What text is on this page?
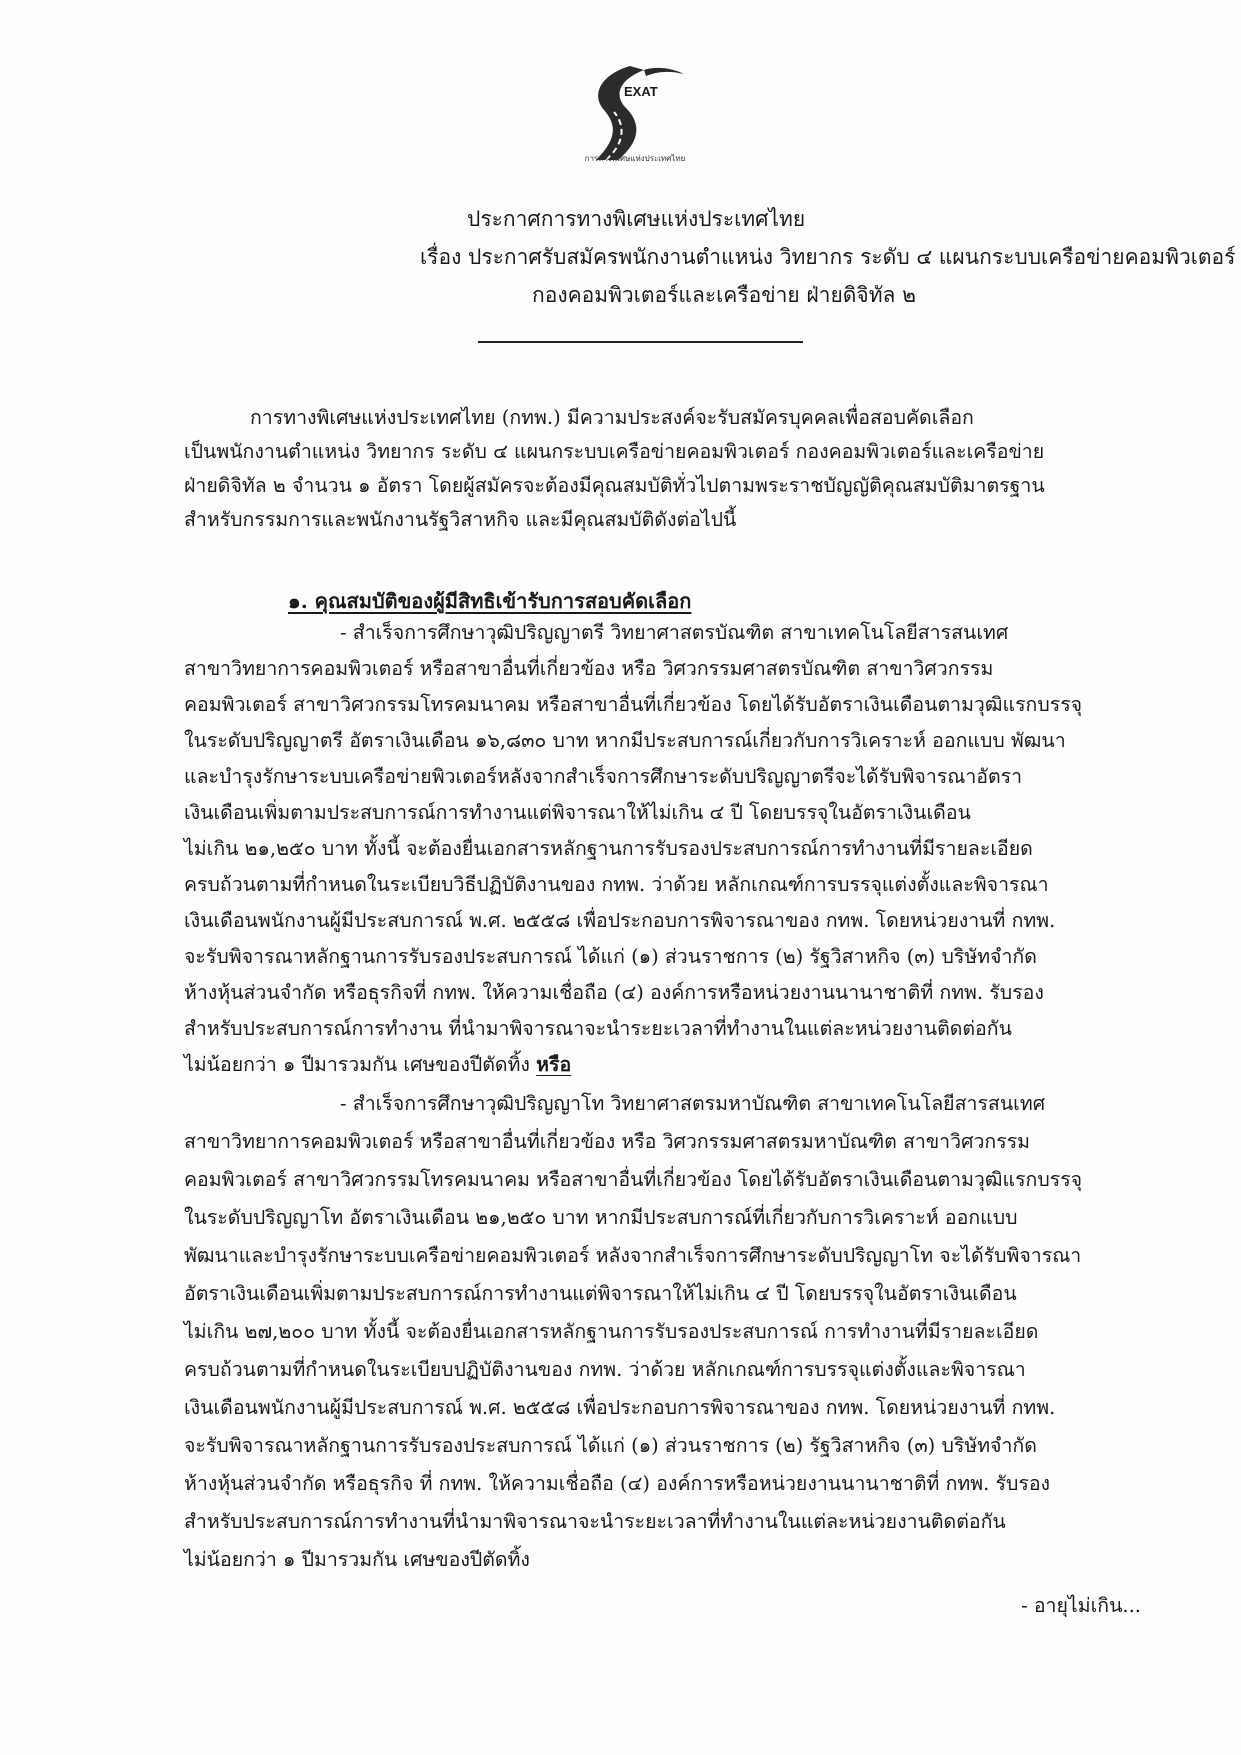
EXAT
การทางพิเศษแห่งประเทศไทย
ประกาศการทางพิเศษแห่งประเทศไทย
เรื่อง ประกาศรับสมัครพนักงานตำแหน่ง วิทยากร ระดับ ๔ แผนกระบบเครือข่ายคอมพิวเตอร์
กองคอมพิวเตอร์และเครือข่าย ฝ่ายดิจิทัล ๒
การทางพิเศษแห่งประเทศไทย (กทพ.) มีความประสงค์จะรับสมัครบุคคลเพื่อสอบคัดเลือก
เป็นพนักงานตำแหน่ง วิทยากร ระดับ ๔ แผนกระบบเครือข่ายคอมพิวเตอร์ กองคอมพิวเตอร์และเครือข่าย
ฝ่ายดิจิทัล ๒ จำนวน ๑ อัตรา โดยผู้สมัครจะต้องมีคุณสมบัติทั่วไปตามพระราชบัญญัติคุณสมบัติมาตรฐาน
สำหรับกรรมการและพนักงานรัฐวิสาหกิจ และมีคุณสมบัติดังต่อไปนี้
๑. คุณสมบัติของผู้มีสิทธิเข้ารับการสอบคัดเลือก
- สำเร็จการศึกษาวุฒิปริญญาตรี วิทยาศาสตรบัณฑิต สาขาเทคโนโลยีสารสนเทศ
สาขาวิทยาการคอมพิวเตอร์ หรือสาขาอื่นที่เกี่ยวข้อง หรือ วิศวกรรมศาสตรบัณฑิต สาขาวิศวกรรม
คอมพิวเตอร์ สาขาวิศวกรรมโทรคมนาคม หรือสาขาอื่นที่เกี่ยวข้อง โดยได้รับอัตราเงินเดือนตามวุฒิแรกบรรจุ
ในระดับปริญญาตรี อัตราเงินเดือน ๑๖,๘๓๐ บาท หากมีประสบการณ์เกี่ยวกับการวิเคราะห์ ออกแบบ พัฒนา
และบำรุงรักษาระบบเครือข่ายพิวเตอร์หลังจากสำเร็จการศึกษาระดับปริญญาตรีจะได้รับพิจารณาอัตรา
เงินเดือนเพิ่มตามประสบการณ์การทำงานแต่พิจารณาให้ไม่เกิน ๔ ปี โดยบรรจุในอัตราเงินเดือน
ไม่เกิน ๒๑,๒๕๐ บาท ทั้งนี้ จะต้องยื่นเอกสารหลักฐานการรับรองประสบการณ์การทำงานที่มีรายละเอียด
ครบถ้วนตามที่กำหนดในระเบียบวิธีปฏิบัติงานของ กทพ. ว่าด้วย หลักเกณฑ์การบรรจุแต่งตั้งและพิจารณา
เงินเดือนพนักงานผู้มีประสบการณ์ พ.ศ. ๒๕๕๘ เพื่อประกอบการพิจารณาของ กทพ. โดยหน่วยงานที่ กทพ.
จะรับพิจารณาหลักฐานการรับรองประสบการณ์ ได้แก่ (๑) ส่วนราชการ (๒) รัฐวิสาหกิจ (๓) บริษัทจำกัด
ห้างหุ้นส่วนจำกัด หรือธุรกิจที่ กทพ. ให้ความเชื่อถือ (๔) องค์การหรือหน่วยงานนานาชาติที่ กทพ. รับรอง
สำหรับประสบการณ์การทำงาน ที่นำมาพิจารณาจะนำระยะเวลาที่ทำงานในแต่ละหน่วยงานติดต่อกัน
ไม่น้อยกว่า ๑ ปีมารวมกัน เศษของปีตัดทิ้ง หรือ
- สำเร็จการศึกษาวุฒิปริญญาโท วิทยาศาสตรมหาบัณฑิต สาขาเทคโนโลยีสารสนเทศ
สาขาวิทยาการคอมพิวเตอร์ หรือสาขาอื่นที่เกี่ยวข้อง หรือ วิศวกรรมศาสตรมหาบัณฑิต สาขาวิศวกรรม
คอมพิวเตอร์ สาขาวิศวกรรมโทรคมนาคม หรือสาขาอื่นที่เกี่ยวข้อง โดยได้รับอัตราเงินเดือนตามวุฒิแรกบรรจุ
ในระดับปริญญาโท อัตราเงินเดือน ๒๑,๒๕๐ บาท หากมีประสบการณ์ที่เกี่ยวกับการวิเคราะห์ ออกแบบ
พัฒนาและบำรุงรักษาระบบเครือข่ายคอมพิวเตอร์ หลังจากสำเร็จการศึกษาระดับปริญญาโท จะได้รับพิจารณา
อัตราเงินเดือนเพิ่มตามประสบการณ์การทำงานแต่พิจารณาให้ไม่เกิน ๔ ปี โดยบรรจุในอัตราเงินเดือน
ไม่เกิน ๒๗,๒๐๐ บาท ทั้งนี้ จะต้องยื่นเอกสารหลักฐานการรับรองประสบการณ์ การทำงานที่มีรายละเอียด
ครบถ้วนตามที่กำหนดในระเบียบปฏิบัติงานของ กทพ. ว่าด้วย หลักเกณฑ์การบรรจุแต่งตั้งและพิจารณา
เงินเดือนพนักงานผู้มีประสบการณ์ พ.ศ. ๒๕๕๘ เพื่อประกอบการพิจารณาของ กทพ. โดยหน่วยงานที่ กทพ.
จะรับพิจารณาหลักฐานการรับรองประสบการณ์ ได้แก่ (๑) ส่วนราชการ (๒) รัฐวิสาหกิจ (๓) บริษัทจำกัด
ห้างหุ้นส่วนจำกัด หรือธุรกิจ ที่ กทพ. ให้ความเชื่อถือ (๔) องค์การหรือหน่วยงานนานาชาติที่ กทพ. รับรอง
สำหรับประสบการณ์การทำงานที่นำมาพิจารณาจะนำระยะเวลาที่ทำงานในแต่ละหน่วยงานติดต่อกัน
ไม่น้อยกว่า ๑ ปีมารวมกัน เศษของปีตัดทิ้ง
- อายุไม่เกิน...
